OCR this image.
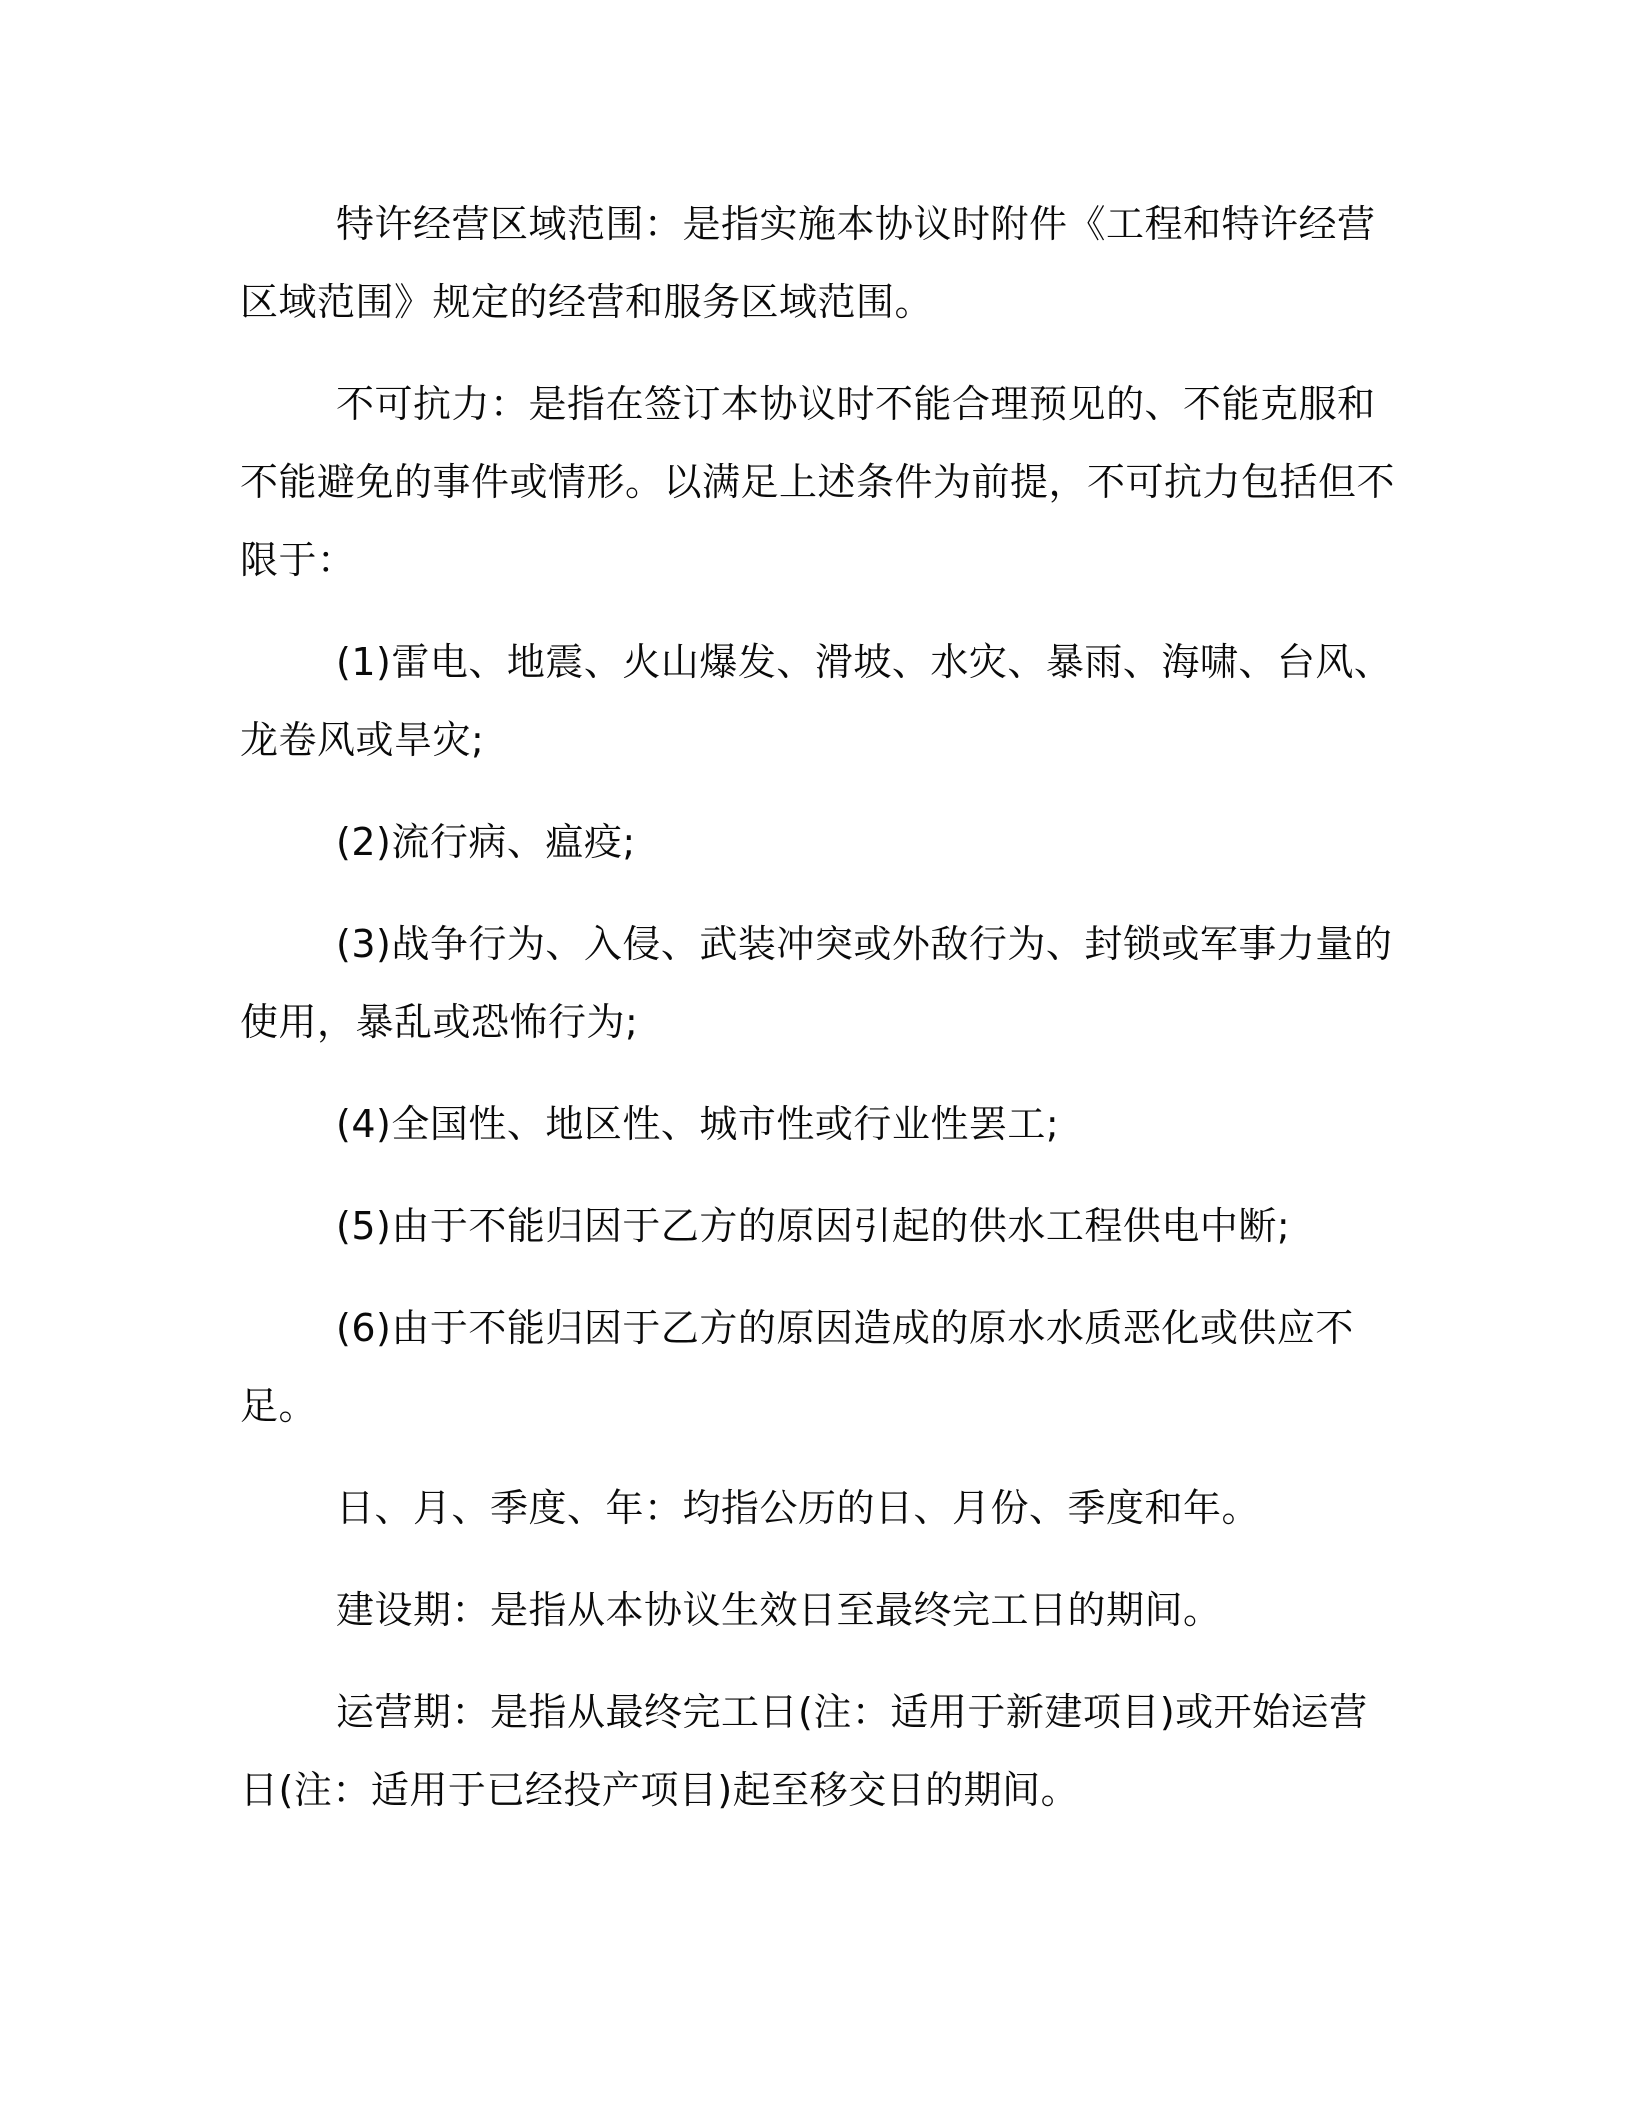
特许经营区域范围：是指实施本协议时附件《工程和特许经营区域范围》规定的经营和服务区域范围。

不可抗力：是指在签订本协议时不能合理预见的、不能克服和不能避免的事件或情形。以满足上述条件为前提，不可抗力包括但不限于：

(1)雷电、地震、火山爆发、滑坡、水灾、暴雨、海啸、台风、龙卷风或旱灾;

(2)流行病、瘟疫;

(3)战争行为、入侵、武装冲突或外敌行为、封锁或军事力量的使用，暴乱或恐怖行为;

(4)全国性、地区性、城市性或行业性罢工;

(5)由于不能归因于乙方的原因引起的供水工程供电中断;

(6)由于不能归因于乙方的原因造成的原水水质恶化或供应不足。

日、月、季度、年：均指公历的日、月份、季度和年。

建设期：是指从本协议生效日至最终完工日的期间。

运营期：是指从最终完工日(注：适用于新建项目)或开始运营日(注：适用于已经投产项目)起至移交日的期间。
